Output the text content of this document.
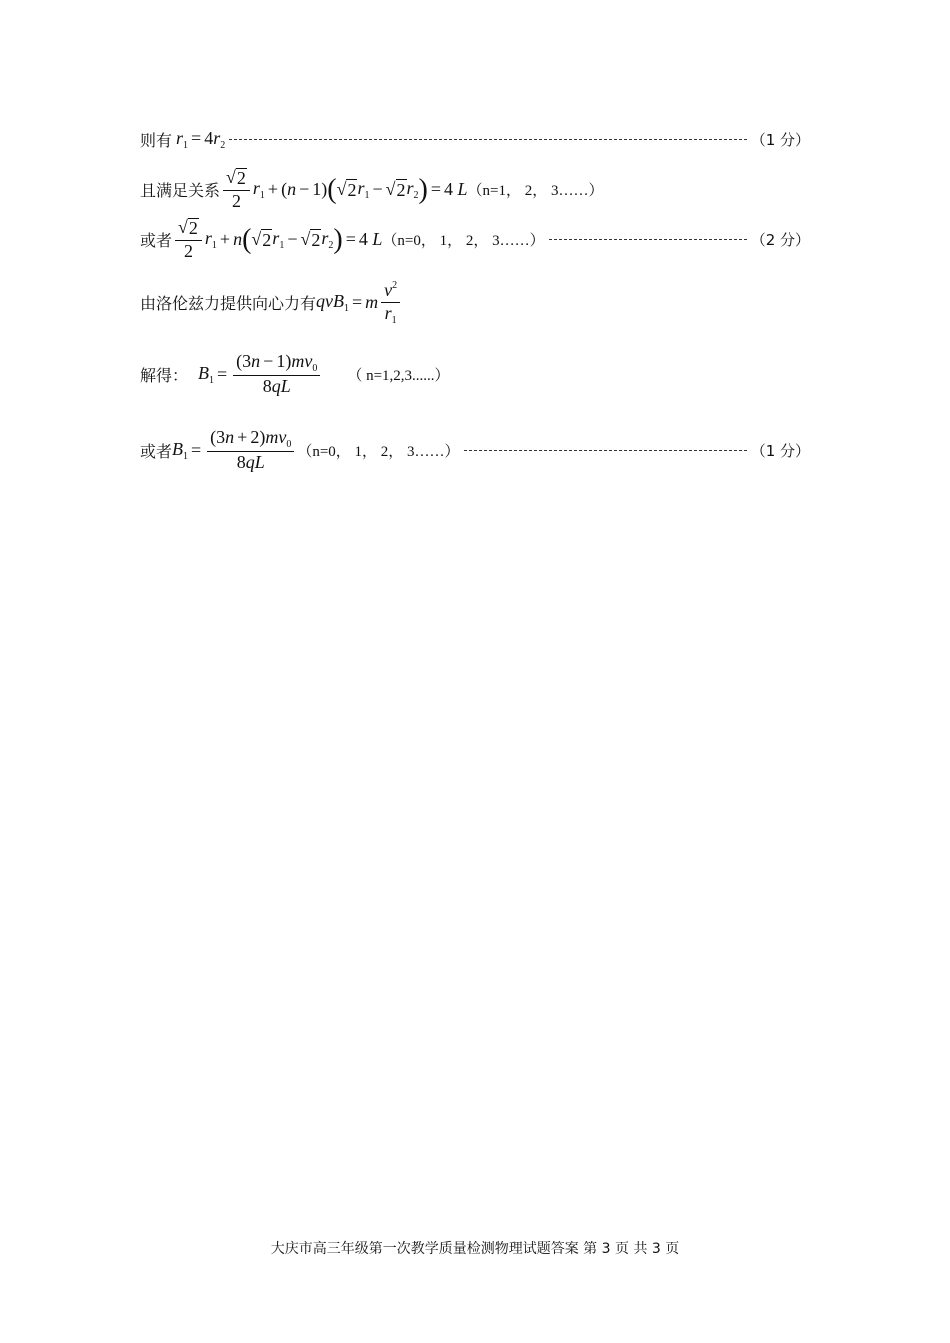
则有 $r_1 = 4r_2$	（1 分）
且满足关系 $\frac{√ 2}{2} r_1$ + ( n − 1) ( √ 2 $r_1$ − √ 2 $r_2$ ) = 4 L （n=1， 2， 3……）
或者 $\frac{√ 2}{2} r_1 + n$ ( √ 2 $r_1$ − √ 2 $r_2$ ) = 4 L （n=0， 1， 2， 3……）	（2 分）
由洛伦兹力提供向心力有 qvB$_1$ = m $\frac{v^2}{r_1}$
解得： $B_1 = \frac{(3n - 1)mv_0}{8qL}$ （ n=1,2,3......）
或者 $B_1 = \frac{(3n + 2)mv_0}{8qL} (n=0$， 1， 2， 3……）	（1 分）
大庆市高三年级第一次教学质量检测物理试题答案 第 3 页 共 3 页
